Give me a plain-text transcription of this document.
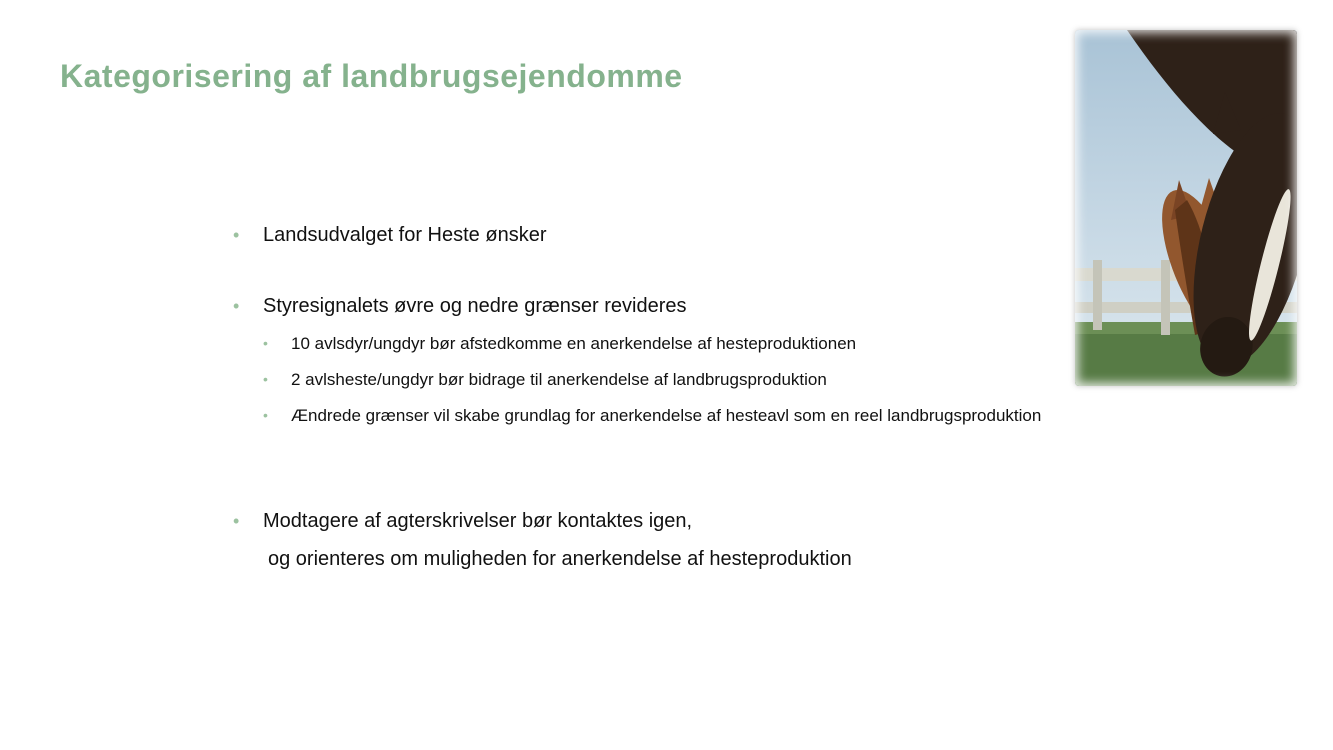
Kategorisering af landbrugsejendomme
•	Landsudvalget for Heste ønsker
•	Styresignalets øvre og nedre grænser revideres
•	10 avlsdyr/ungdyr bør afstedkomme en anerkendelse af hesteproduktionen
•	2 avlsheste/ungdyr bør bidrage til anerkendelse af landbrugsproduktion
•	Ændrede grænser vil skabe grundlag for anerkendelse af hesteavl som en reel landbrugsproduktion
•	Modtagere af agterskrivelser bør kontaktes igen,
og orienteres om muligheden for anerkendelse af hesteproduktion
